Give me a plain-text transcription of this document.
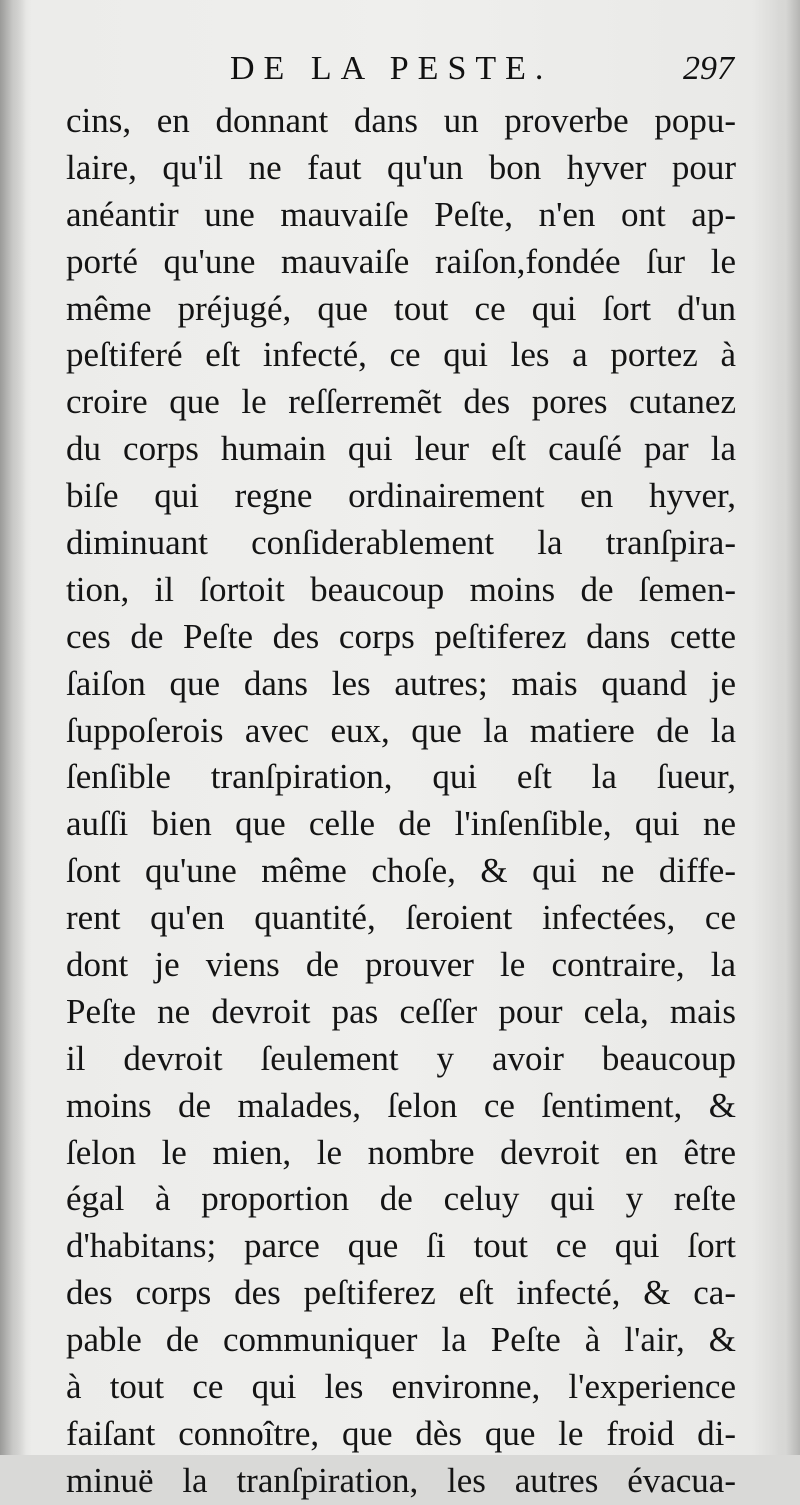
DE LA PESTE.	297
cins, en donnant dans un proverbe popu-
laire, qu'il ne faut qu'un bon hyver pour
anéantir une mauvaiſe Peſte, n'en ont ap-
porté qu'une mauvaiſe raiſon,fondée ſur le
même préjugé, que tout ce qui ſort d'un
peſtiferé eſt infecté, ce qui les a portez à
croire que le reſſerremẽt des pores cutanez
du corps humain qui leur eſt cauſé par la
biſe qui regne ordinairement en hyver,
diminuant conſiderablement la tranſpira-
tion, il ſortoit beaucoup moins de ſemen-
ces de Peſte des corps peſtiferez dans cette
ſaiſon que dans les autres; mais quand je
ſuppoſerois avec eux, que la matiere de la
ſenſible tranſpiration, qui eſt la ſueur,
auſſi bien que celle de l'inſenſible, qui ne
ſont qu'une même choſe, & qui ne diffe-
rent qu'en quantité, ſeroient infectées, ce
dont je viens de prouver le contraire, la
Peſte ne devroit pas ceſſer pour cela, mais
il devroit ſeulement y avoir beaucoup
moins de malades, ſelon ce ſentiment, &
ſelon le mien, le nombre devroit en être
égal à proportion de celuy qui y reſte
d'habitans; parce que ſi tout ce qui ſort
des corps des peſtiferez eſt infecté, & ca-
pable de communiquer la Peſte à l'air, &
à tout ce qui les environne, l'experience
faiſant connoître, que dès que le froid di-
minuë la tranſpiration, les autres évacua-
